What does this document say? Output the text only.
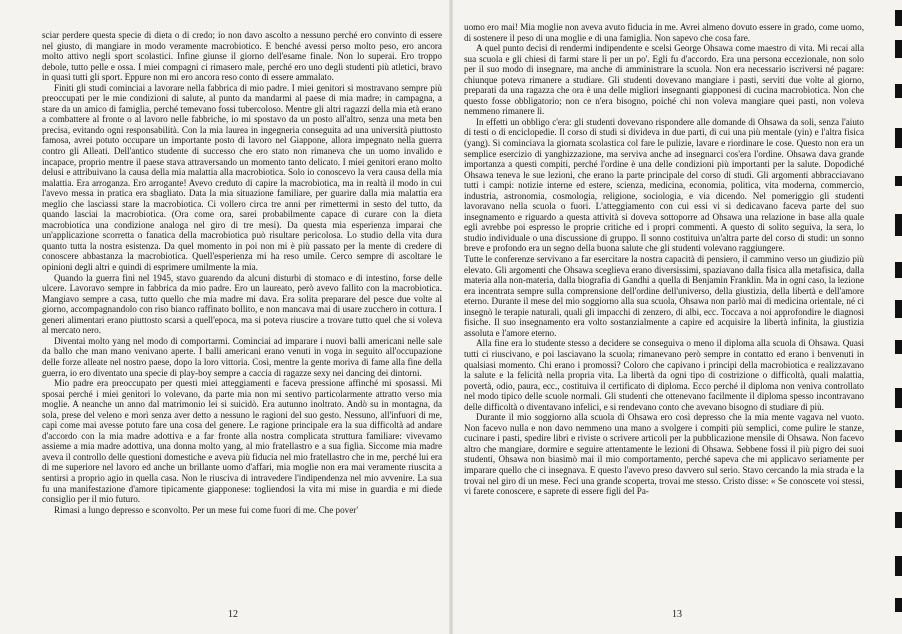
sciar perdere questa specie di dieta o di credo; io non davo ascolto a nessuno perché ero convinto di essere nel giusto, di mangiare in modo veramente macrobiotico. E benché avessi perso molto peso, ero ancora molto attivo negli sport scolastici. Infine giunse il giorno dell'esame finale. Non lo superai. Ero troppo debole, tutto pelle e ossa. I miei compagni ci rimasero male, perché ero uno degli studenti più atletici, bravo in quasi tutti gli sport. Eppure non mi ero ancora reso conto di essere ammalato.

Finiti gli studi cominciai a lavorare nella fabbrica di mio padre. I miei genitori si mostravano sempre più preoccupati per le mie condizioni di salute, al punto da mandarmi al paese di mia madre; in campagna, a stare da un amico di famiglia, perché temevano fossi tubercoloso. Mentre gli altri ragazzi della mia età erano a combattere al fronte o al lavoro nelle fabbriche, io mi spostavo da un posto all'altro, senza una meta ben precisa, evitando ogni responsabilità. Con la mia laurea in ingegneria conseguita ad una università piuttosto famosa, avrei potuto occupare un importante posto di lavoro nel Giappone, allora impegnato nella guerra contro gli Alleati. Dell'antico studente di successo che ero stato non rimaneva che un uomo invalido e incapace, proprio mentre il paese stava attraversando un momento tanto delicato. I miei genitori erano molto delusi e attribuivano la causa della mia malattia alla macrobiotica. Solo io conoscevo la vera causa della mia malattia. Era arroganza. Ero arrogante! Avevo creduto di capire la macrobiotica, ma in realtà il modo in cui l'avevo messa in pratica era sbagliato. Data la mia situazione familiare, per guarire dalla mia malattia era meglio che lasciassi stare la macrobiotica. Ci vollero circa tre anni per rimettermi in sesto del tutto, da quando lasciai la macrobiotica. (Ora come ora, sarei probabilmente capace di curare con la dieta macrobiotica una condizione analoga nel giro di tre mesi). Da questa mia esperienza imparai che un'applicazione scorretta o fanatica della macrobiotica può risultare pericolosa. Lo studio della vita dura quanto tutta la nostra esistenza. Da quel momento in poi non mi è più passato per la mente di credere di conoscere abbastanza la macrobiotica. Quell'esperienza mi ha reso umile. Cerco sempre di ascoltare le opinioni degli altri e quindi di esprimere umilmente la mia.

Quando la guerra finì nel 1945, stavo guarendo da alcuni disturbi di stomaco e di intestino, forse delle ulcere. Lavoravo sempre in fabbrica da mio padre. Ero un laureato, però avevo fallito con la macrobiotica. Mangiavo sempre a casa, tutto quello che mia madre mi dava. Era solita preparare del pesce due volte al giorno, accompagnandolo con riso bianco raffinato bollito, e non mancava mai di usare zucchero in cottura. I generi alimentari erano piuttosto scarsi a quell'epoca, ma si poteva riuscire a trovare tutto quel che si voleva al mercato nero.

Diventai molto yang nel modo di comportarmi. Cominciai ad imparare i nuovi balli americani nelle sale da ballo che man mano venivano aperte. I balli americani erano venuti in voga in seguito all'occupazione delle forze alleate nel nostro paese, dopo la loro vittoria. Così, mentre la gente moriva di fame alla fine della guerra, io ero diventato una specie di play-boy sempre a caccia di ragazze sexy nei dancing dei dintorni.

Mio padre era preoccupato per questi miei atteggiamenti e faceva pressione affinché mi sposassi. Mi sposai perché i miei genitori lo volevano, da parte mia non mi sentivo particolarmente attratto verso mia moglie. A neanche un anno dal matrimonio lei si suicidò. Era autunno inoltrato. Andò su in montagna, da sola, prese del veleno e morì senza aver detto a nessuno le ragioni del suo gesto. Nessuno, all'infuori di me, capì come mai avesse potuto fare una cosa del genere. Le ragione principale era la sua difficoltà ad andare d'accordo con la mia madre adottiva e a far fronte alla nostra complicata struttura familiare: vivevamo assieme a mia madre adottiva, una donna molto yang, al mio fratellastro e a sua figlia. Siccome mia madre aveva il controllo delle questioni domestiche e aveva più fiducia nel mio fratellastro che in me, perché lui era di me superiore nel lavoro ed anche un brillante uomo d'affari, mia moglie non era mai veramente riuscita a sentirsi a proprio agio in quella casa. Non le riusciva di intravedere l'indipendenza nel mio avvenire. La sua fu una manifestazione d'amore tipicamente giapponese: togliendosi la vita mi mise in guardia e mi diede consiglio per il mio futuro.

Rimasi a lungo depresso e sconvolto. Per un mese fui come fuori di me. Che pover'

12

uomo ero mai! Mia moglie non aveva avuto fiducia in me. Avrei almeno dovuto essere in grado, come uomo, di sostenere il peso di una moglie e di una famiglia. Non sapevo che cosa fare.

A quel punto decisi di rendermi indipendente e scelsi George Ohsawa come maestro di vita. Mi recai alla sua scuola e gli chiesi di farmi stare lì per un po'. Egli fu d'accordo. Era una persona eccezionale, non solo per il suo modo di insegnare, ma anche di amministrare la scuola. Non era necessario iscriversi né pagare: chiunque poteva rimanere a studiare. Gli studenti dovevano mangiare i pasti, serviti due volte al giorno, preparati da una ragazza che ora è una delle migliori insegnanti giapponesi di cucina macrobiotica. Non che questo fosse obbligatorio; non ce n'era bisogno, poiché chi non voleva mangiare quei pasti, non voleva nemmeno rimanere lì.

In effetti un obbligo c'era: gli studenti dovevano rispondere alle domande di Ohsawa da soli, senza l'aiuto di testi o di enciclopedie. Il corso di studi si divideva in due parti, di cui una più mentale (yin) e l'altra fisica (yang). Si cominciava la giornata scolastica col fare le pulizie, lavare e riordinare le cose. Questo non era un semplice esercizio di yanghizzazione, ma serviva anche ad insegnarci cos'era l'ordine. Ohsawa dava grande importanza a questi compiti, perché l'ordine è una delle condizioni più importanti per la salute. Dopodiché Ohsawa teneva le sue lezioni, che erano la parte principale del corso di studi. Gli argomenti abbracciavano tutti i campi: notizie interne ed estere, scienza, medicina, economia, politica, vita moderna, commercio, industria, astronomia, cosmologia, religione, sociologia, e via dicendo. Nel pomeriggio gli studenti lavoravano nella scuola o fuori. L'atteggiamento con cui essi vi si dedicavano faceva parte del suo insegnamento e riguardo a questa attività si doveva sottoporre ad Ohsawa una relazione in base alla quale egli avrebbe poi espresso le proprie critiche ed i propri commenti. A questo di solito seguiva, la sera, lo studio individuale o una discussione di gruppo. Il sonno costituiva un'altra parte del corso di studi: un sonno breve e profondo era un segno della buona salute che gli studenti volevano raggiungere.

Tutte le conferenze servivano a far esercitare la nostra capacità di pensiero, il cammino verso un giudizio più elevato. Gli argomenti che Ohsawa sceglieva erano diversissimi, spaziavano dalla fisica alla metafisica, dalla materia alla non-materia, dalla biografia di Gandhi a quella di Benjamin Franklin. Ma in ogni caso, la lezione era incentrata sempre sulla comprensione dell'ordine dell'universo, della giustizia, della libertà e dell'amore eterno. Durante il mese del mio soggiorno alla sua scuola, Ohsawa non parlò mai di medicina orientale, né ci insegnò le terapie naturali, quali gli impacchi di zenzero, di albi, ecc. Toccava a noi approfondire le diagnosi fisiche. Il suo insegnamento era volto sostanzialmente a capire ed acquisire la libertà infinita, la giustizia assoluta e l'amore eterno.

Alla fine era lo studente stesso a decidere se conseguiva o meno il diploma alla scuola di Ohsawa. Quasi tutti ci riuscivano, e poi lasciavano la scuola; rimanevano però sempre in contatto ed erano i benvenuti in qualsiasi momento. Chi erano i promossi? Coloro che capivano i principi della macrobiotica e realizzavano la salute e la felicità nella propria vita. La libertà da ogni tipo di costrizione o difficoltà, quali malattia, povertà, odio, paura, ecc., costituiva il certificato di diploma. Ecco perché il diploma non veniva controllato nel modo tipico delle scuole normali. Gli studenti che ottenevano facilmente il diploma spesso incontravano delle difficoltà o diventavano infelici, e si rendevano conto che avevano bisogno di studiare di più.

Durante il mio soggiorno alla scuola di Ohsawa ero così depresso che la mia mente vagava nel vuoto. Non facevo nulla e non davo nemmeno una mano a svolgere i compiti più semplici, come pulire le stanze, cucinare i pasti, spedire libri e riviste o scrivere articoli per la pubblicazione mensile di Ohsawa. Non facevo altro che mangiare, dormire e seguire attentamente le lezioni di Ohsawa. Sebbene fossi il più pigro dei suoi studenti, Ohsawa non biasimò mai il mio comportamento, perché sapeva che mi applicavo seriamente per imparare quello che ci insegnava. E questo l'avevo preso davvero sul serio. Stavo cercando la mia strada e la trovai nel giro di un mese. Feci una grande scoperta, trovai me stesso. Cristo disse: « Se conoscete voi stessi, vi farete conoscere, e saprete di essere figli del Pa-

13
